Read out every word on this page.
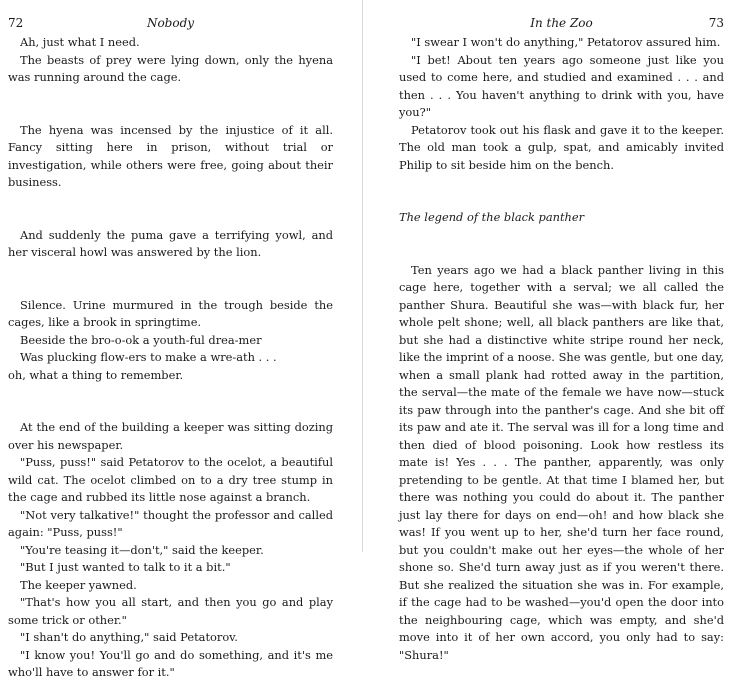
72	Nobody

Ah, just what I need.

The beasts of prey were lying down, only the hyena was running around the cage.

The hyena was incensed by the injustice of it all. Fancy sitting here in prison, without trial or investigation, while others were free, going about their business.

And suddenly the puma gave a terrifying yowl, and her visceral howl was answered by the lion.

Silence. Urine murmured in the trough beside the cages, like a brook in springtime.

Beeside the bro-o-ok a youth-ful drea-mer

Was plucking flow-ers to make a wre-ath . . .

oh, what a thing to remember.

At the end of the building a keeper was sitting dozing over his newspaper.

"Puss, puss!" said Petatorov to the ocelot, a beautiful wild cat. The ocelot climbed on to a dry tree stump in the cage and rubbed its little nose against a branch.

"Not very talkative!" thought the professor and called again: "Puss, puss!"

"You're teasing it—don't," said the keeper.

"But I just wanted to talk to it a bit."

The keeper yawned.

"That's how you all start, and then you go and play some trick or other."

"I shan't do anything," said Petatorov.

"I know you! You'll go and do something, and it's me who'll have to answer for it."

In the Zoo	73

"I swear I won't do anything," Petatorov assured him.

"I bet! About ten years ago someone just like you used to come here, and studied and examined . . . and then . . . You haven't anything to drink with you, have you?"

Petatorov took out his flask and gave it to the keeper. The old man took a gulp, spat, and amicably invited Philip to sit beside him on the bench.

The legend of the black panther

Ten years ago we had a black panther living in this cage here, together with a serval; we all called the panther Shura. Beautiful she was—with black fur, her whole pelt shone; well, all black panthers are like that, but she had a distinctive white stripe round her neck, like the imprint of a noose. She was gentle, but one day, when a small plank had rotted away in the partition, the serval—the mate of the female we have now—stuck its paw through into the panther's cage. And she bit off its paw and ate it. The serval was ill for a long time and then died of blood poisoning. Look how restless its mate is! Yes . . . The panther, apparently, was only pretending to be gentle. At that time I blamed her, but there was nothing you could do about it. The panther just lay there for days on end—oh! and how black she was! If you went up to her, she'd turn her face round, but you couldn't make out her eyes—the whole of her shone so. She'd turn away just as if you weren't there. But she realized the situation she was in. For example, if the cage had to be washed—you'd open the door into the neighbouring cage, which was empty, and she'd move into it of her own accord, you only had to say: "Shura!"
